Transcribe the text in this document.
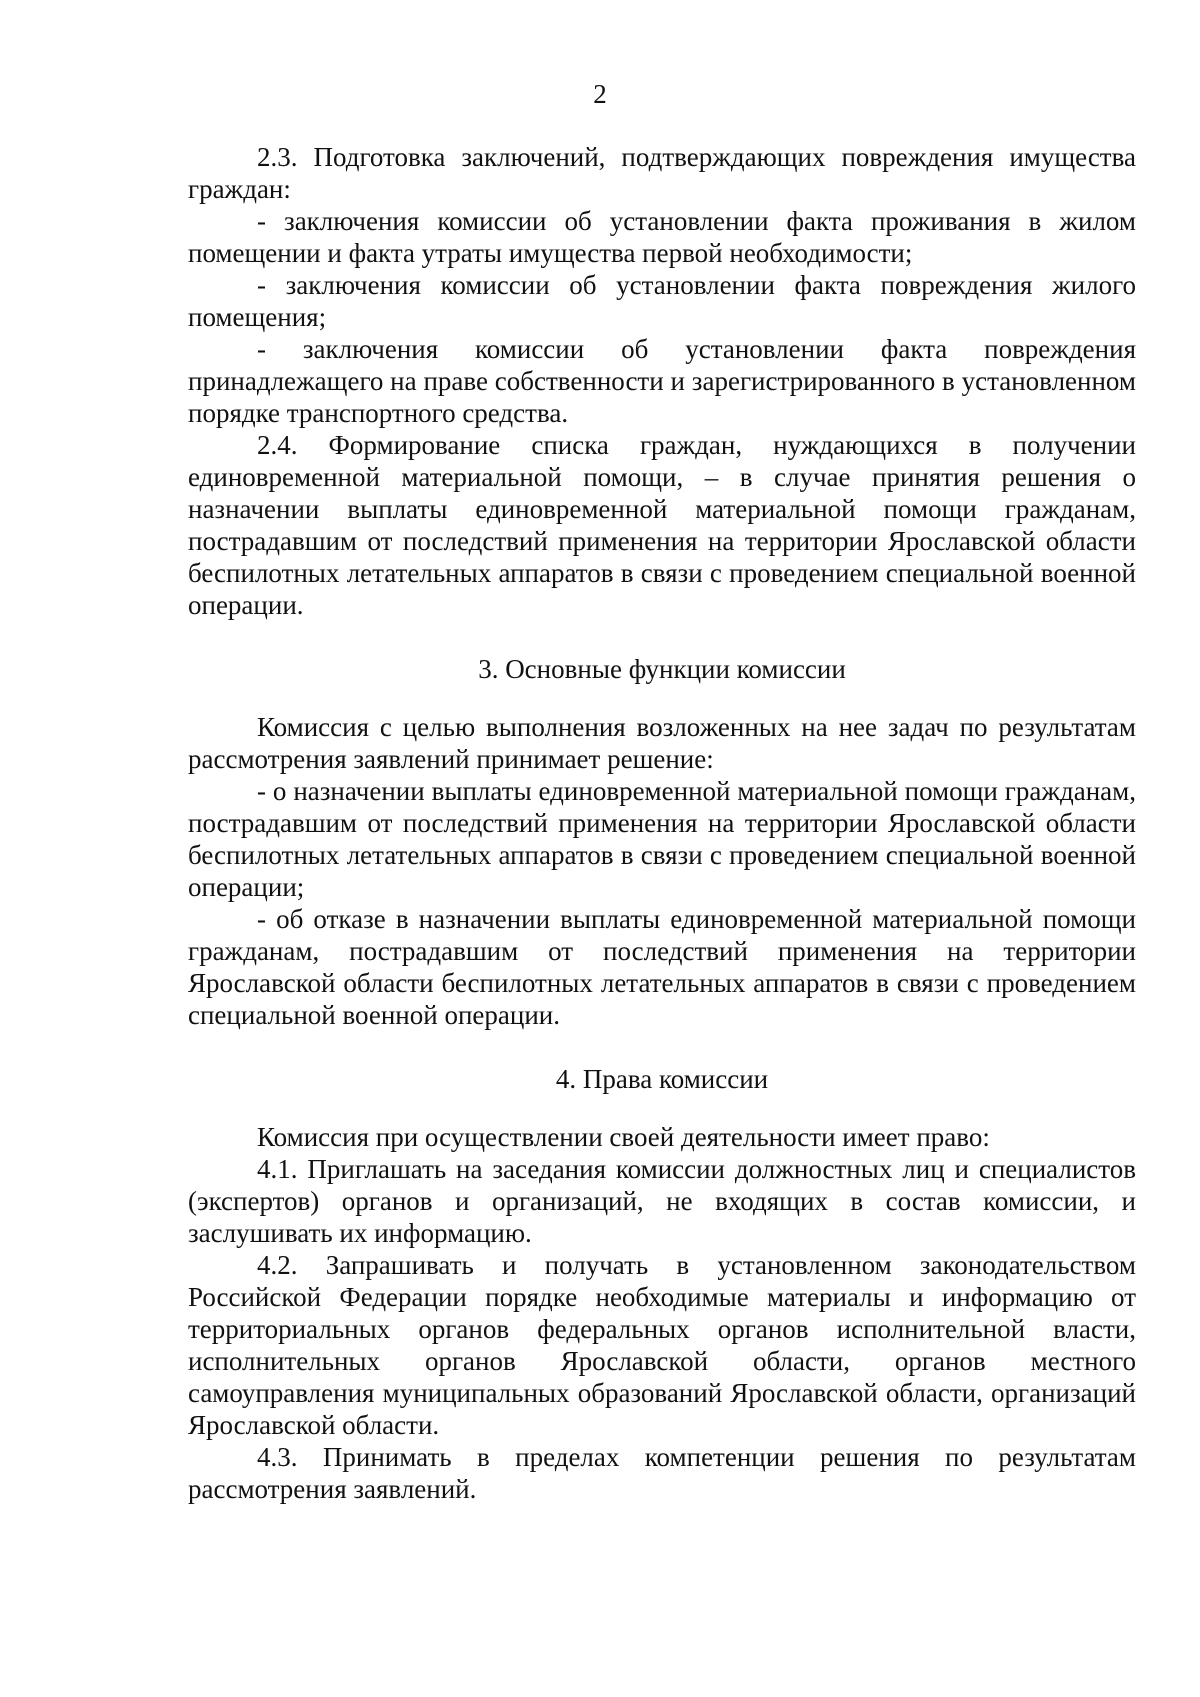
2

2.3. Подготовка заключений, подтверждающих повреждения имущества граждан:

- заключения комиссии об установлении факта проживания в жилом помещении и факта утраты имущества первой необходимости;

- заключения комиссии об установлении факта повреждения жилого помещения;

- заключения комиссии об установлении факта повреждения принадлежащего на праве собственности и зарегистрированного в установленном порядке транспортного средства.

2.4. Формирование списка граждан, нуждающихся в получении единовременной материальной помощи, – в случае принятия решения о назначении выплаты единовременной материальной помощи гражданам, пострадавшим от последствий применения на территории Ярославской области беспилотных летательных аппаратов в связи с проведением специальной военной операции.

3. Основные функции комиссии

Комиссия с целью выполнения возложенных на нее задач по результатам рассмотрения заявлений принимает решение:

- о назначении выплаты единовременной материальной помощи гражданам, пострадавшим от последствий применения на территории Ярославской области беспилотных летательных аппаратов в связи с проведением специальной военной операции;

- об отказе в назначении выплаты единовременной материальной помощи гражданам, пострадавшим от последствий применения на территории Ярославской области беспилотных летательных аппаратов в связи с проведением специальной военной операции.

4. Права комиссии

Комиссия при осуществлении своей деятельности имеет право:

4.1. Приглашать на заседания комиссии должностных лиц и специалистов (экспертов) органов и организаций, не входящих в состав комиссии, и заслушивать их информацию.

4.2. Запрашивать и получать в установленном законодательством Российской Федерации порядке необходимые материалы и информацию от территориальных органов федеральных органов исполнительной власти, исполнительных органов Ярославской области, органов местного самоуправления муниципальных образований Ярославской области, организаций Ярославской области.

4.3. Принимать в пределах компетенции решения по результатам рассмотрения заявлений.
